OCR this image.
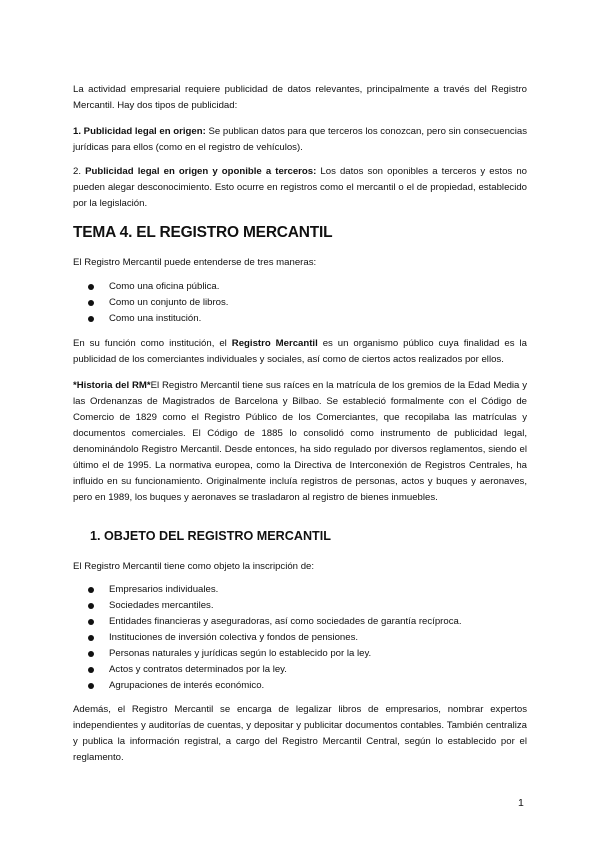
La actividad empresarial requiere publicidad de datos relevantes, principalmente a través del Registro Mercantil. Hay dos tipos de publicidad:

1. Publicidad legal en origen: Se publican datos para que terceros los conozcan, pero sin consecuencias jurídicas para ellos (como en el registro de vehículos).

2. Publicidad legal en origen y oponible a terceros: Los datos son oponibles a terceros y estos no pueden alegar desconocimiento. Esto ocurre en registros como el mercantil o el de propiedad, establecido por la legislación.

TEMA 4. EL REGISTRO MERCANTIL

El Registro Mercantil puede entenderse de tres maneras:

Como una oficina pública.
Como un conjunto de libros.
Como una institución.

En su función como institución, el Registro Mercantil es un organismo público cuya finalidad es la publicidad de los comerciantes individuales y sociales, así como de ciertos actos realizados por ellos.

*Historia del RM*El Registro Mercantil tiene sus raíces en la matrícula de los gremios de la Edad Media y las Ordenanzas de Magistrados de Barcelona y Bilbao. Se estableció formalmente con el Código de Comercio de 1829 como el Registro Público de los Comerciantes, que recopilaba las matrículas y documentos comerciales. El Código de 1885 lo consolidó como instrumento de publicidad legal, denominándolo Registro Mercantil. Desde entonces, ha sido regulado por diversos reglamentos, siendo el último el de 1995. La normativa europea, como la Directiva de Interconexión de Registros Centrales, ha influido en su funcionamiento. Originalmente incluía registros de personas, actos y buques y aeronaves, pero en 1989, los buques y aeronaves se trasladaron al registro de bienes inmuebles.

1. OBJETO DEL REGISTRO MERCANTIL

El Registro Mercantil tiene como objeto la inscripción de:

Empresarios individuales.
Sociedades mercantiles.
Entidades financieras y aseguradoras, así como sociedades de garantía recíproca.
Instituciones de inversión colectiva y fondos de pensiones.
Personas naturales y jurídicas según lo establecido por la ley.
Actos y contratos determinados por la ley.
Agrupaciones de interés económico.

Además, el Registro Mercantil se encarga de legalizar libros de empresarios, nombrar expertos independientes y auditorías de cuentas, y depositar y publicitar documentos contables. También centraliza y publica la información registral, a cargo del Registro Mercantil Central, según lo establecido por el reglamento.

1
